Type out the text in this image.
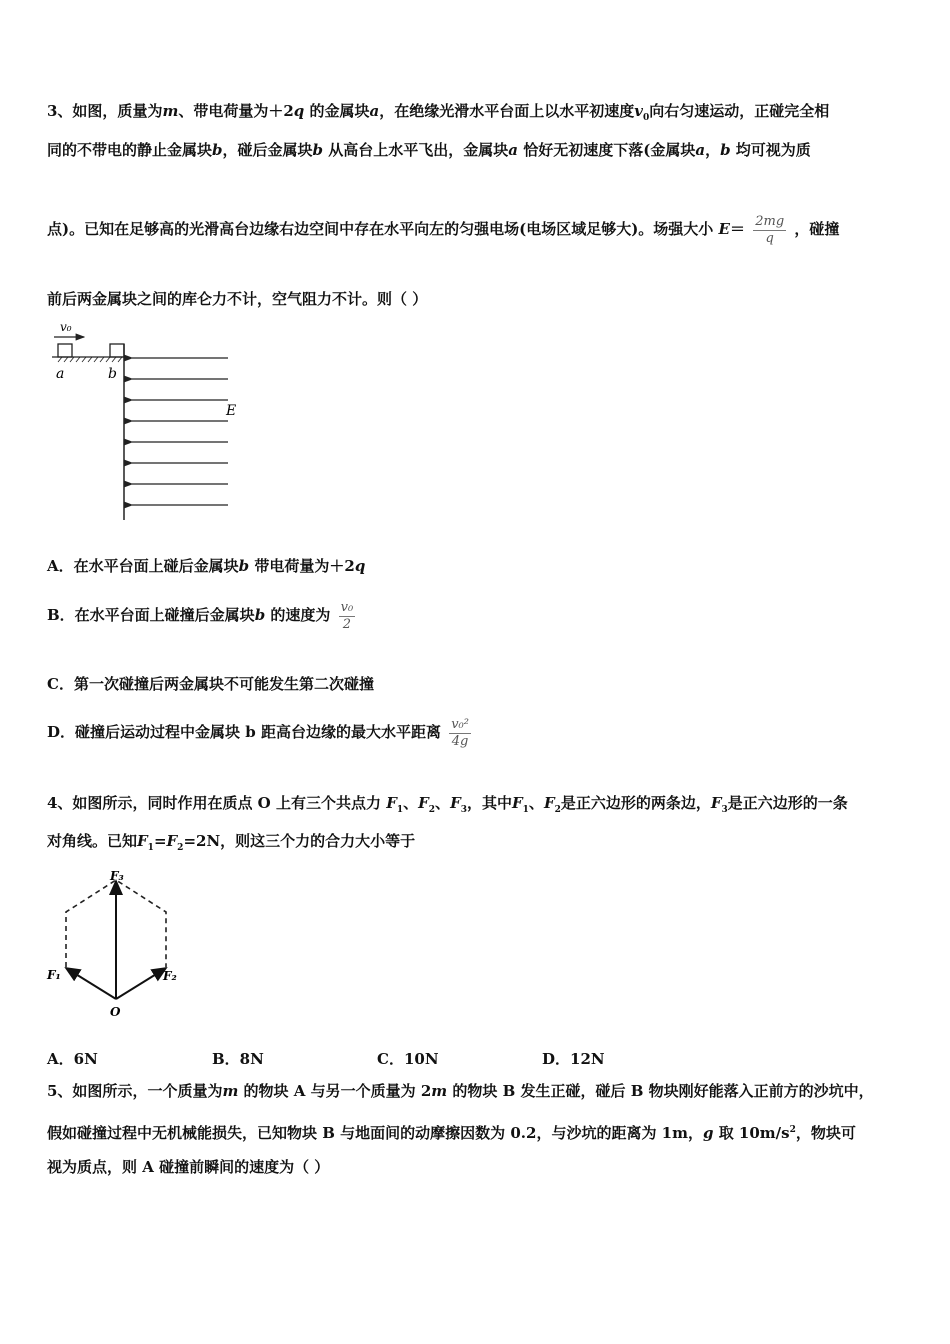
3、如图，质量为m、带电荷量为＋2q 的金属块a，在绝缘光滑水平台面上以水平初速度$v_0$向右匀速运动，正碰完全相
同的不带电的静止金属块b，碰后金属块b 从高台上水平飞出，金属块a 恰好无初速度下落(金属块a，b 均可视为质
点)。已知在足够高的光滑高台边缘右边空间中存在水平向左的匀强电场(电场区域足够大)。场强大小 $E= \frac{2mg}{q}$ ，碰撞
前后两金属块之间的库仑力不计，空气阻力不计。则（ ）
v₀
a	b
E
A．在水平台面上碰后金属块b 带电荷量为＋2q
B．在水平台面上碰撞后金属块b 的速度为 $\frac{\text{v₀}}{2}$
C．第一次碰撞后两金属块不可能发生第二次碰撞
D．碰撞后运动过程中金属块 b 距高台边缘的最大水平距离 $\frac{\text{v₀²}}{4g}$
4、如图所示，同时作用在质点 O 上有三个共点力 $F_1$、$F_2$、$F_3$，其中$F_1$、$F_2$是正六边形的两条边，$F_3$是正六边形的一条
对角线。已知$F_1=F_2=2N$，则这三个力的合力大小等于
F₁	F₂
F₃
O
A．6N	B．8N	C．10N	D．12N
5、如图所示，一个质量为m 的物块 A 与另一个质量为 2m 的物块 B 发生正碰，碰后 B 物块刚好能落入正前方的沙坑中，
假如碰撞过程中无机械能损失，已知物块 B 与地面间的动摩擦因数为 0.2，与沙坑的距离为 1m，g 取 $10m/s^2$，物块可
视为质点，则 A 碰撞前瞬间的速度为（ ）
